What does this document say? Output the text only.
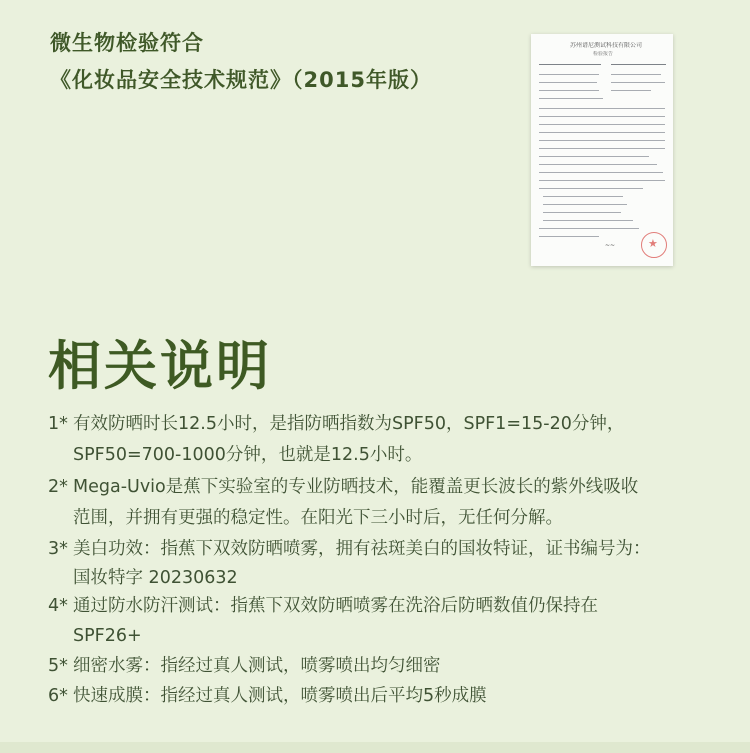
微生物检验符合
《化妆品安全技术规范》（2015年版）
苏州谱尼测试科技有限公司
检验报告
~~	★
相关说明
1* 有效防晒时长12.5小时，是指防晒指数为SPF50，SPF1=15-20分钟，
SPF50=700-1000分钟，也就是12.5小时。
2* Mega-Uvio是蕉下实验室的专业防晒技术，能覆盖更长波长的紫外线吸收
范围，并拥有更强的稳定性。在阳光下三小时后，无任何分解。
3* 美白功效：指蕉下双效防晒喷雾，拥有祛斑美白的国妆特证，证书编号为：
国妆特字 20230632
4* 通过防水防汗测试：指蕉下双效防晒喷雾在洗浴后防晒数值仍保持在
SPF26+
5* 细密水雾：指经过真人测试，喷雾喷出均匀细密
6* 快速成膜：指经过真人测试，喷雾喷出后平均5秒成膜
